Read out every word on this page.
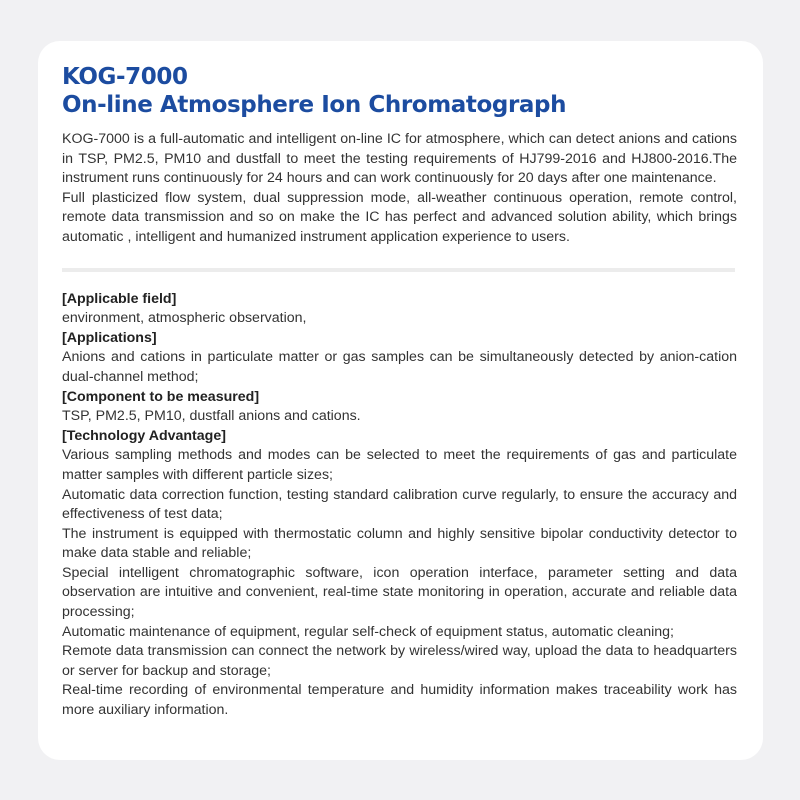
KOG-7000
On-line Atmosphere Ion Chromatograph

KOG-7000 is a full-automatic and intelligent on-line IC for atmosphere, which can detect anions and cations in TSP, PM2.5, PM10 and dustfall to meet the testing requirements of HJ799-2016 and HJ800-2016.The instrument runs continuously for 24 hours and can work continuously for 20 days after one maintenance.

Full plasticized flow system, dual suppression mode, all-weather continuous operation, remote control, remote data transmission and so on make the IC has perfect and advanced solution ability, which brings automatic , intelligent and humanized instrument application experience to users.

[Applicable field]
environment, atmospheric observation,
[Applications]
Anions and cations in particulate matter or gas samples can be simultaneously detected by anion-cation dual-channel method;
[Component to be measured]
TSP, PM2.5, PM10, dustfall anions and cations.
[Technology Advantage]
Various sampling methods and modes can be selected to meet the requirements of gas and particulate matter samples with different particle sizes;
Automatic data correction function, testing standard calibration curve regularly, to ensure the accuracy and effectiveness of test data;
The instrument is equipped with thermostatic column and highly sensitive bipolar conductivity detector to make data stable and reliable;
Special intelligent chromatographic software, icon operation interface, parameter setting and data observation are intuitive and convenient, real-time state monitoring in operation, accurate and reliable data processing;
Automatic maintenance of equipment, regular self-check of equipment status, automatic cleaning;
Remote data transmission can connect the network by wireless/wired way, upload the data to headquarters or server for backup and storage;
Real-time recording of environmental temperature and humidity information makes traceability work has more auxiliary information.
